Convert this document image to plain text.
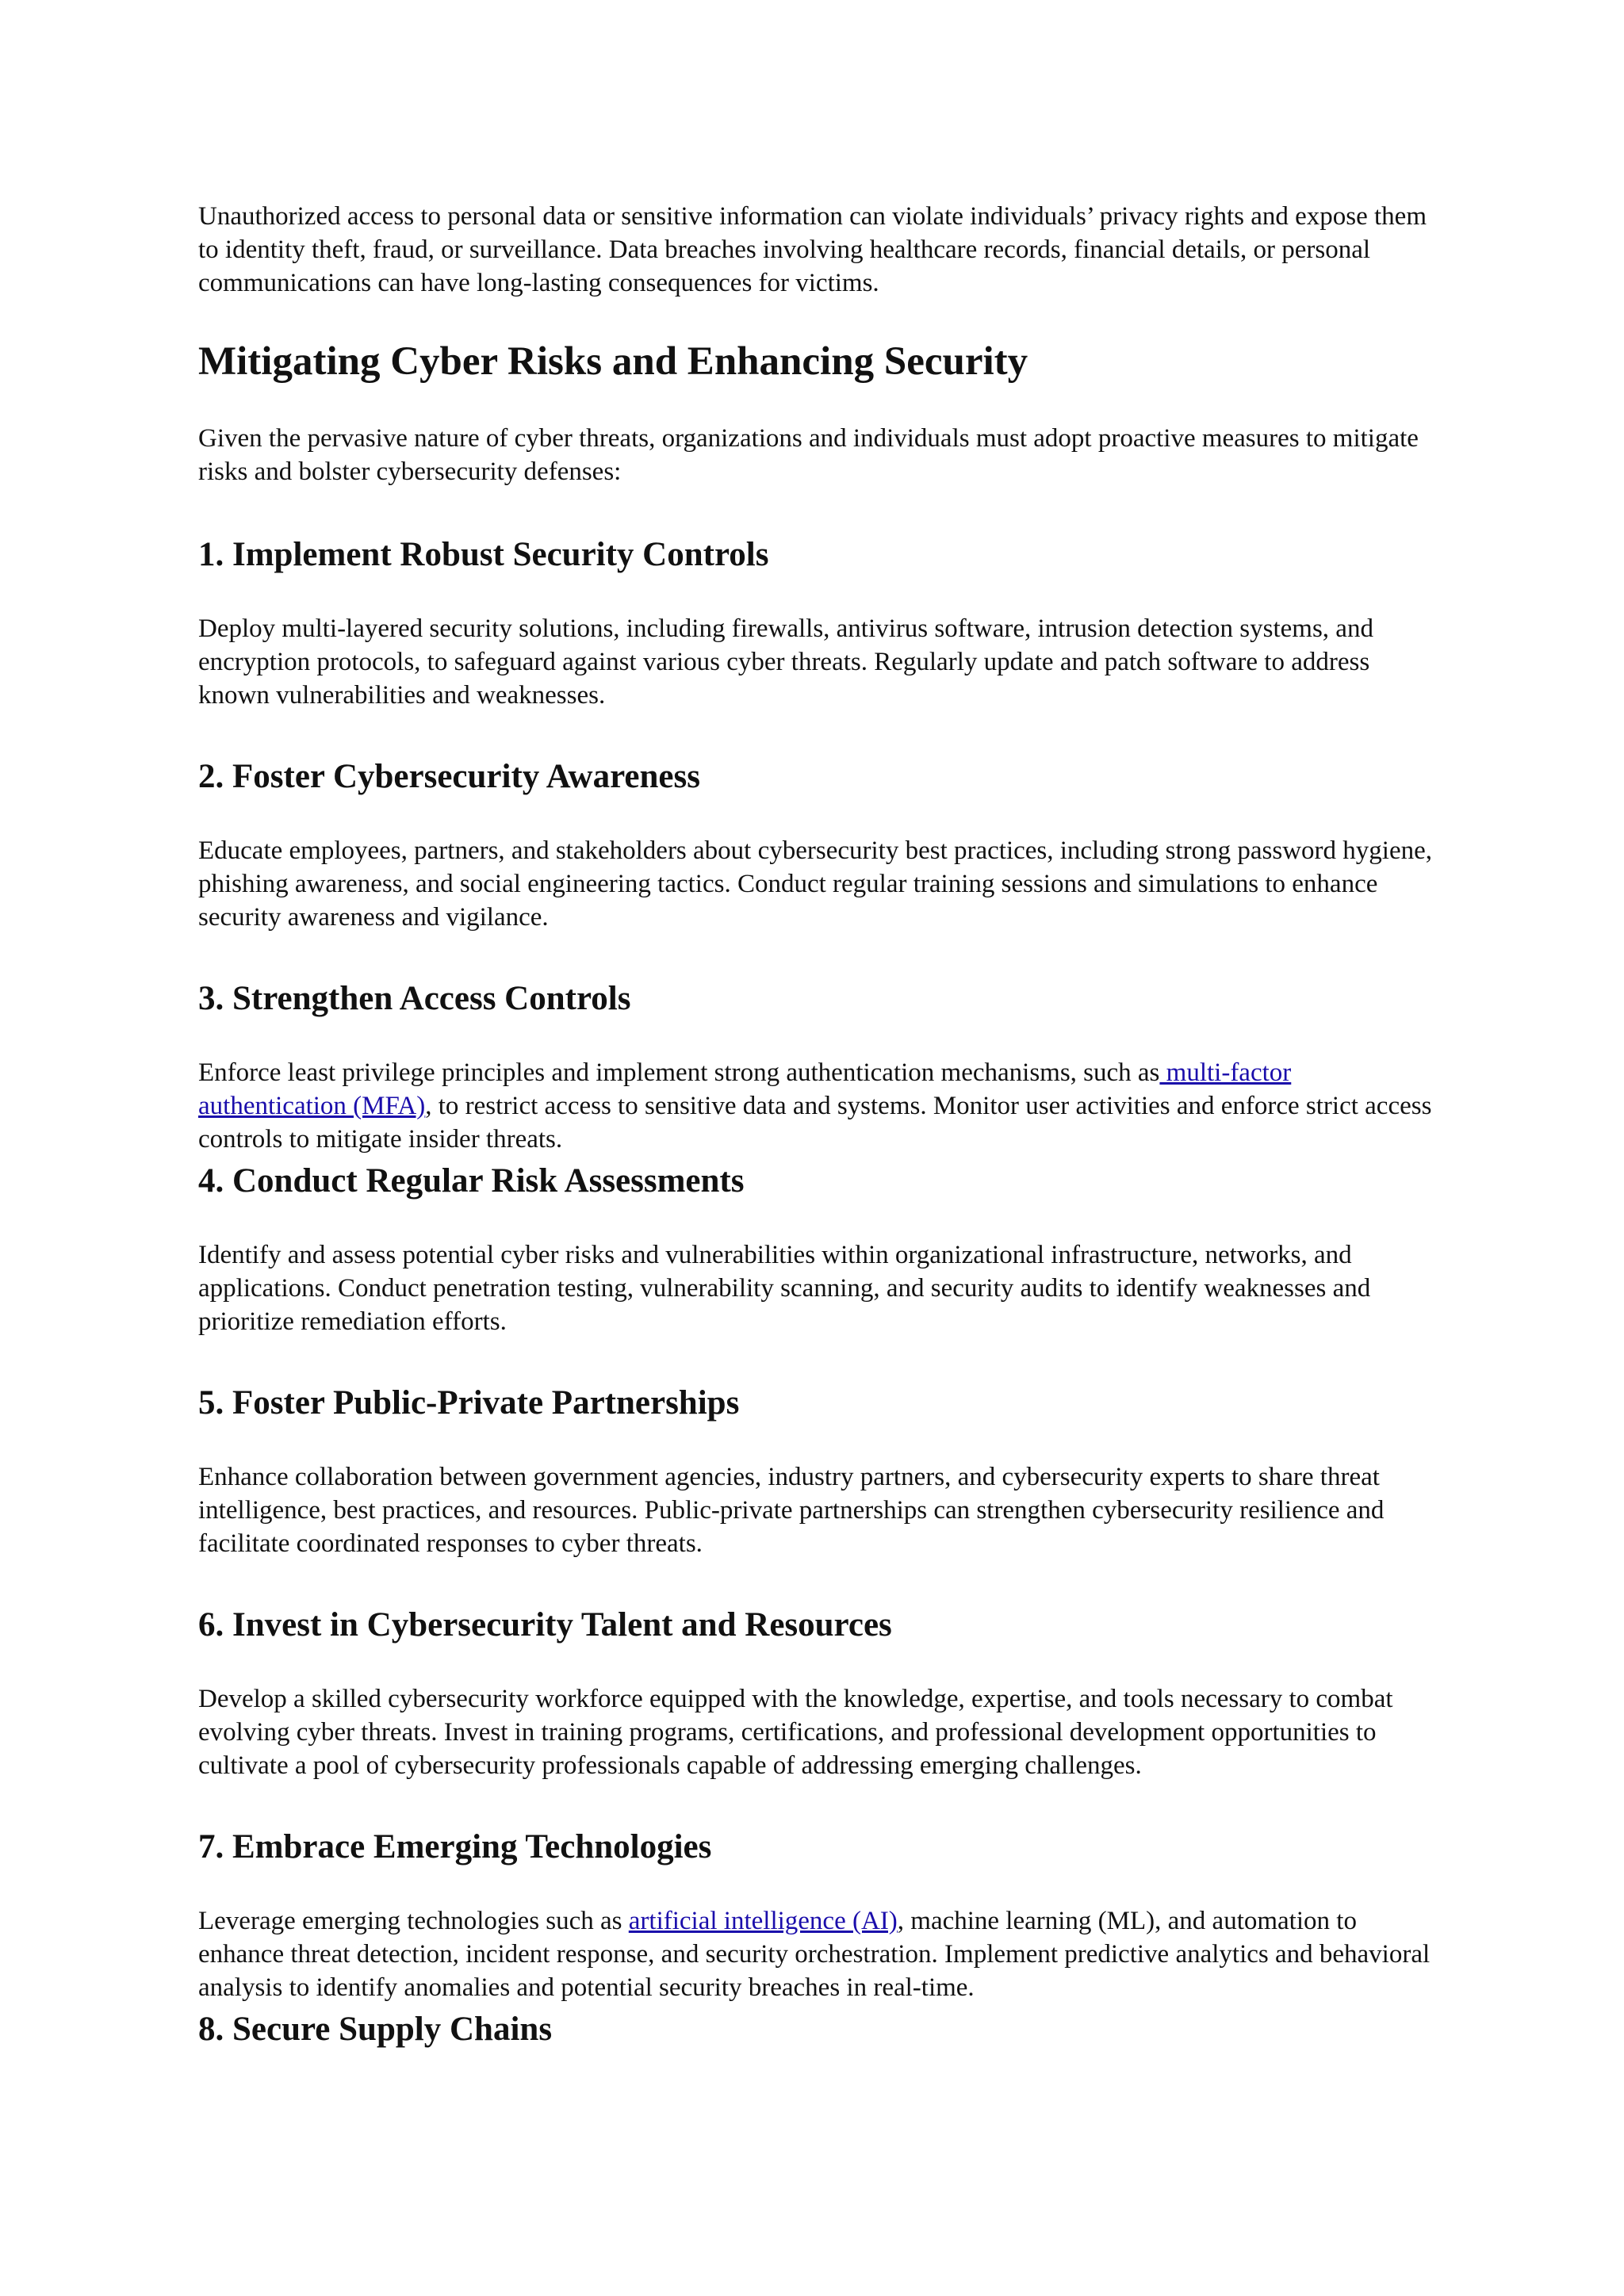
Unauthorized access to personal data or sensitive information can violate individuals’ privacy rights and expose them to identity theft, fraud, or surveillance. Data breaches involving healthcare records, financial details, or personal communications can have long-lasting consequences for victims.

Mitigating Cyber Risks and Enhancing Security

Given the pervasive nature of cyber threats, organizations and individuals must adopt proactive measures to mitigate risks and bolster cybersecurity defenses:

1. Implement Robust Security Controls

Deploy multi-layered security solutions, including firewalls, antivirus software, intrusion detection systems, and encryption protocols, to safeguard against various cyber threats. Regularly update and patch software to address known vulnerabilities and weaknesses.

2. Foster Cybersecurity Awareness

Educate employees, partners, and stakeholders about cybersecurity best practices, including strong password hygiene, phishing awareness, and social engineering tactics. Conduct regular training sessions and simulations to enhance security awareness and vigilance.

3. Strengthen Access Controls

Enforce least privilege principles and implement strong authentication mechanisms, such as multi-factor authentication (MFA), to restrict access to sensitive data and systems. Monitor user activities and enforce strict access controls to mitigate insider threats.

4. Conduct Regular Risk Assessments

Identify and assess potential cyber risks and vulnerabilities within organizational infrastructure, networks, and applications. Conduct penetration testing, vulnerability scanning, and security audits to identify weaknesses and prioritize remediation efforts.

5. Foster Public-Private Partnerships

Enhance collaboration between government agencies, industry partners, and cybersecurity experts to share threat intelligence, best practices, and resources. Public-private partnerships can strengthen cybersecurity resilience and facilitate coordinated responses to cyber threats.

6. Invest in Cybersecurity Talent and Resources

Develop a skilled cybersecurity workforce equipped with the knowledge, expertise, and tools necessary to combat evolving cyber threats. Invest in training programs, certifications, and professional development opportunities to cultivate a pool of cybersecurity professionals capable of addressing emerging challenges.

7. Embrace Emerging Technologies

Leverage emerging technologies such as artificial intelligence (AI), machine learning (ML), and automation to enhance threat detection, incident response, and security orchestration. Implement predictive analytics and behavioral analysis to identify anomalies and potential security breaches in real-time.

8. Secure Supply Chains
